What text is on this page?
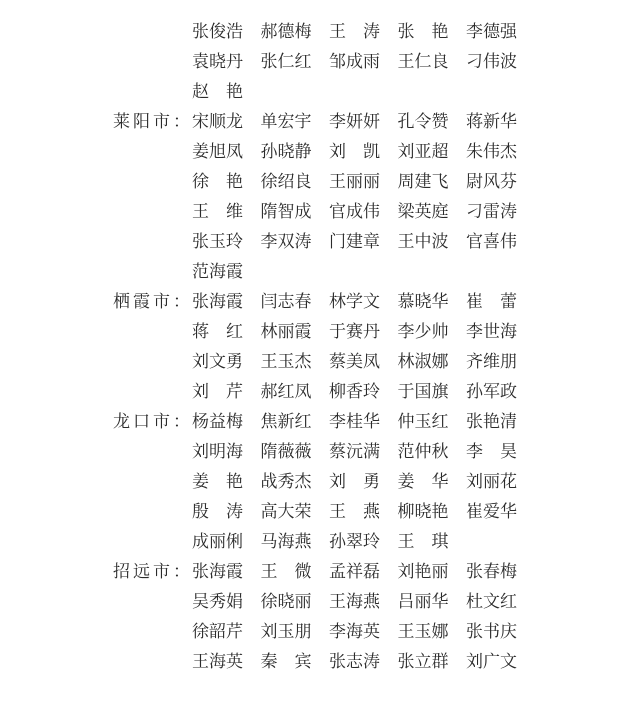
张俊浩	郝德梅	王　涛	张　艳	李德强
袁晓丹	张仁红	邹成雨	王仁良	刁伟波
赵　艳
莱阳市： 宋顺龙	单宏宇	李妍妍	孔令赞	蒋新华
姜旭凤	孙晓静	刘　凯	刘亚超	朱伟杰
徐　艳	徐绍良	王丽丽	周建飞	尉风芬
王　维	隋智成	官成伟	梁英庭	刁雷涛
张玉玲	李双涛	门建章	王中波	官喜伟
范海霞
栖霞市： 张海霞	闫志春	林学文	慕晓华	崔　蕾
蒋　红	林丽霞	于赛丹	李少帅	李世海
刘文勇	王玉杰	蔡美凤	林淑娜	齐维朋
刘　芹	郝红凤	柳香玲	于国旗	孙军政
龙口市： 杨益梅	焦新红	李桂华	仲玉红	张艳清
刘明海	隋薇薇	蔡沅满	范仲秋	李　昊
姜　艳	战秀杰	刘　勇	姜　华	刘丽花
殷　涛	高大荣	王　燕	柳晓艳	崔爱华
成丽俐	马海燕	孙翠玲	王　琪
招远市： 张海霞	王　微	孟祥磊	刘艳丽	张春梅
吴秀娟	徐晓丽	王海燕	吕丽华	杜文红
徐韶芹	刘玉朋	李海英	王玉娜	张书庆
王海英	秦　宾	张志涛	张立群	刘广文
